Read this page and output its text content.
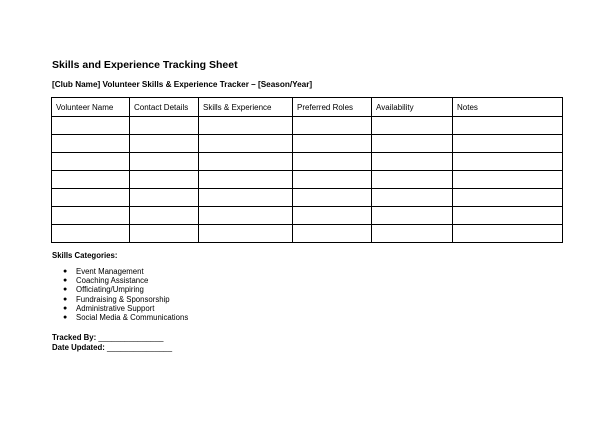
Skills and Experience Tracking Sheet
[Club Name] Volunteer Skills & Experience Tracker – [Season/Year]
Volunteer Name	Contact Details	Skills & Experience	Preferred Roles	Availability	Notes

Skills Categories:
●	Event Management
●	Coaching Assistance
●	Officiating/Umpiring
●	Fundraising & Sponsorship
●	Administrative Support
●	Social Media & Communications
Tracked By: _______________
Date Updated: _______________
